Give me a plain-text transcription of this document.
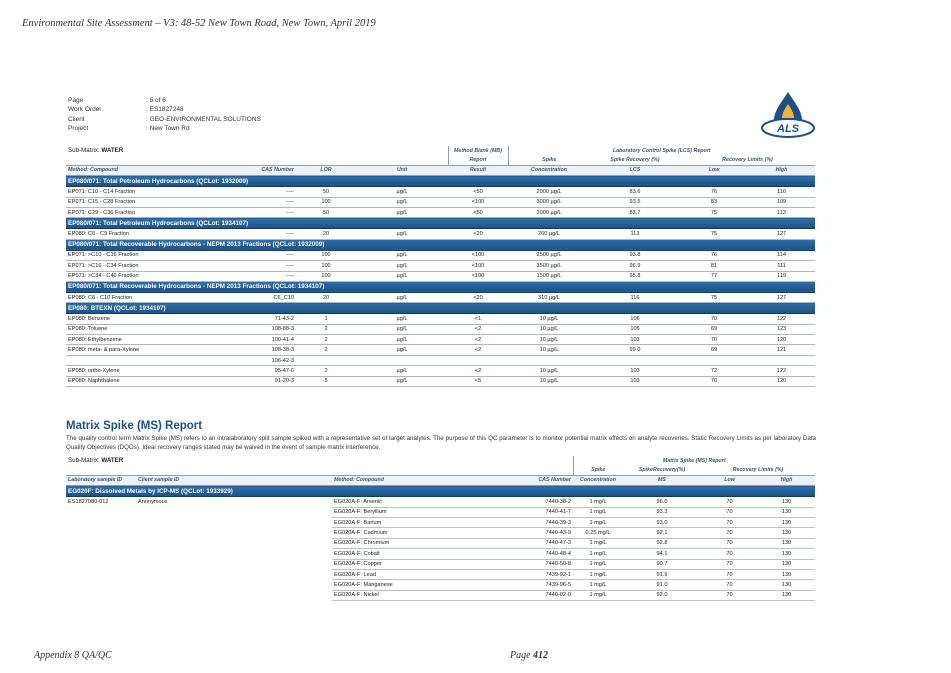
Environmental Site Assessment – V3: 48-52 New Town Road, New Town, April 2019
Page	: 5 of 6
Work Order	: ES1827248
Client	: GEO-ENVIRONMENTAL SOLUTIONS
Project	: New Town Rd	ALS
Sub-Matrix: WATER				Method Blank (MB)	Laboratory Control Spike (LCS) Report			
				Report	Spike	Spike Recovery (%)	Recovery Limits (%)	
Method: Compound	CAS Number	LOR	Unit	Result	Concentration	LCS	Low	High
EP080/071: Total Petroleum Hydrocarbons (QCLot: 1932009)								
EP071: C10 - C14 Fraction	----	50	µg/L	<50	2000 µg/L	83.6	76	116
EP071: C15 - C28 Fraction	----	100	µg/L	<100	3000 µg/L	93.5	83	109
EP071: C29 - C36 Fraction	----	50	µg/L	<50	2000 µg/L	83.7	75	113
EP080/071: Total Petroleum Hydrocarbons (QCLot: 1934107)								
EP080: C6 - C9 Fraction	----	20	µg/L	<20	260 µg/L	113	75	127
EP080/071: Total Recoverable Hydrocarbons - NEPM 2013 Fractions (QCLot: 1932009)								
EP071: >C10 - C16 Fraction	----	100	µg/L	<100	2500 µg/L	93.8	76	114
EP071: >C16 - C34 Fraction	----	100	µg/L	<100	3500 µg/L	96.9	81	111
EP071: >C34 - C40 Fraction	----	100	µg/L	<100	1500 µg/L	95.8	77	119
EP080/071: Total Recoverable Hydrocarbons - NEPM 2013 Fractions (QCLot: 1934107)								
EP080: C6 - C10 Fraction	C6_C10	20	µg/L	<20	310 µg/L	116	75	127
EP080: BTEXN (QCLot: 1934107)								
EP080: Benzene	71-43-2	1	µg/L	<1	10 µg/L	106	70	122
EP080: Toluene	108-88-3	2	µg/L	<2	10 µg/L	105	69	123
EP080: Ethylbenzene	100-41-4	2	µg/L	<2	10 µg/L	103	70	120
EP080: meta- & para-Xylene	108-38-3	2	µg/L	<2	10 µg/L	99.0	69	121
	106-42-3							
EP080: ortho-Xylene	95-47-6	2	µg/L	<2	10 µg/L	103	72	122
EP080: Naphthalene	91-20-3	5	µg/L	<5	10 µg/L	103	70	120
Matrix Spike (MS) Report
The quality control term Matrix Spike (MS) refers to an intralaboratory split sample spiked with a representative set of target analytes. The purpose of this QC parameter is to monitor potential matrix effects on analyte recoveries. Static Recovery Limits as per laboratory Data Quality Objectives (DQOs). Ideal recovery ranges stated may be waived in the event of sample matrix interference.
Sub-Matrix: WATER				Matrix Spike (MS) Report			
				Spike	SpikeRecovery(%)	Recovery Limits (%)	
Laboratory sample ID	Client sample ID	Method: Compound	CAS Number	Concentration	MS	Low	High
EG020F: Dissolved Metals by ICP-MS (QCLot: 1933929)							
ES1827080-012	Anonymous	EG020A-F: Arsenic	7440-38-2	1 mg/L	96.0	70	130
		EG020A-F: Beryllium	7440-41-7	1 mg/L	93.3	70	130
		EG020A-F: Barium	7440-39-3	1 mg/L	93.0	70	130
		EG020A-F: Cadmium	7440-43-9	0.25 mg/L	92.1	70	130
		EG020A-F: Chromium	7440-47-3	1 mg/L	92.8	70	130
		EG020A-F: Cobalt	7440-48-4	1 mg/L	94.1	70	130
		EG020A-F: Copper	7440-50-8	1 mg/L	90.7	70	130
		EG020A-F: Lead	7439-92-1	1 mg/L	91.9	70	130
		EG020A-F: Manganese	7439-96-5	1 mg/L	91.0	70	130
		EG020A-F: Nickel	7440-02-0	1 mg/L	92.0	70	130
Appendix 8 QA/QC	Page 412
